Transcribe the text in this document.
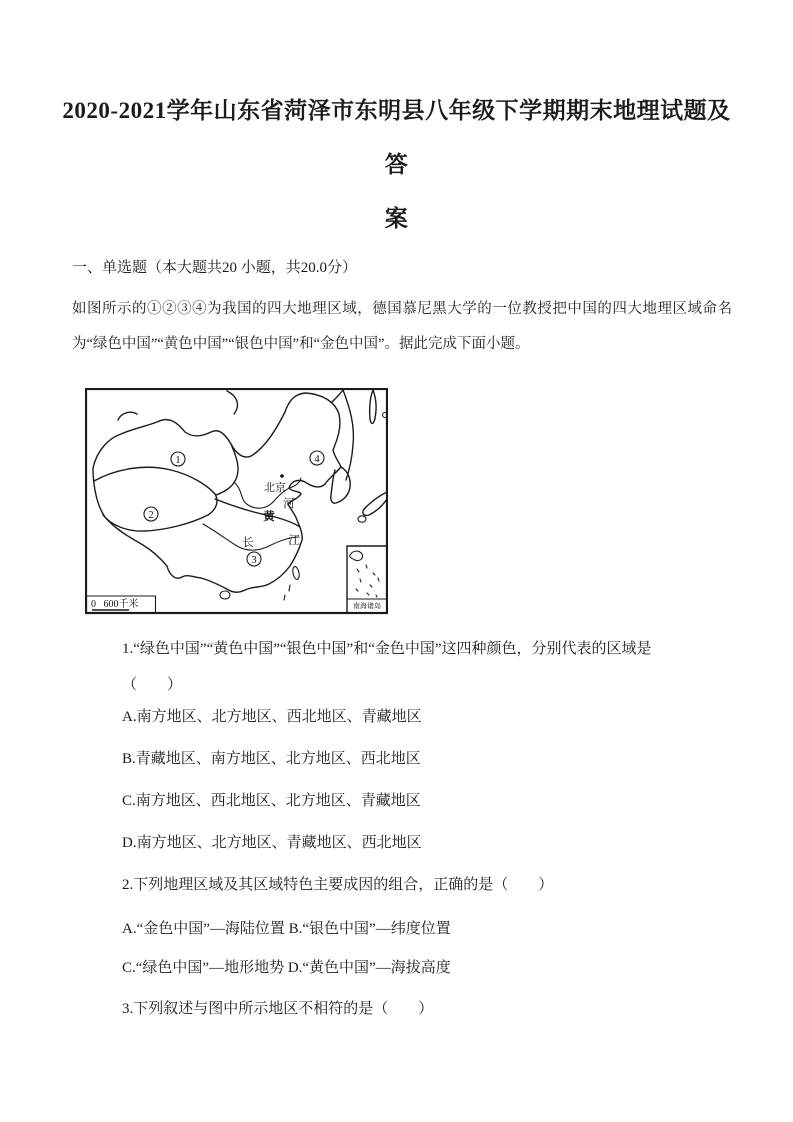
2020-2021学年山东省菏泽市东明县八年级下学期期末地理试题及答
案
一、单选题（本大题共20 小题，共20.0分）
如图所示的①②③④为我国的四大地理区域，德国慕尼黑大学的一位教授把中国的四大地理区域命名为“绿色中国”“黄色中国”“银色中国”和“金色中国”。据此完成下面小题。
北京
黄
河
长	江
1
2
3
4
0   600千米	南海诸岛
1.“绿色中国”“黄色中国”“银色中国”和“金色中国”这四种颜色，分别代表的区域是
（　　）
A.南方地区、北方地区、西北地区、青藏地区
B.青藏地区、南方地区、北方地区、西北地区
C.南方地区、西北地区、北方地区、青藏地区
D.南方地区、北方地区、青藏地区、西北地区
2.下列地理区域及其区域特色主要成因的组合，正确的是（　　）
A.“金色中国”—海陆位置 B.“银色中国”—纬度位置
C.“绿色中国”—地形地势 D.“黄色中国”—海拔高度
3.下列叙述与图中所示地区不相符的是（　　）
